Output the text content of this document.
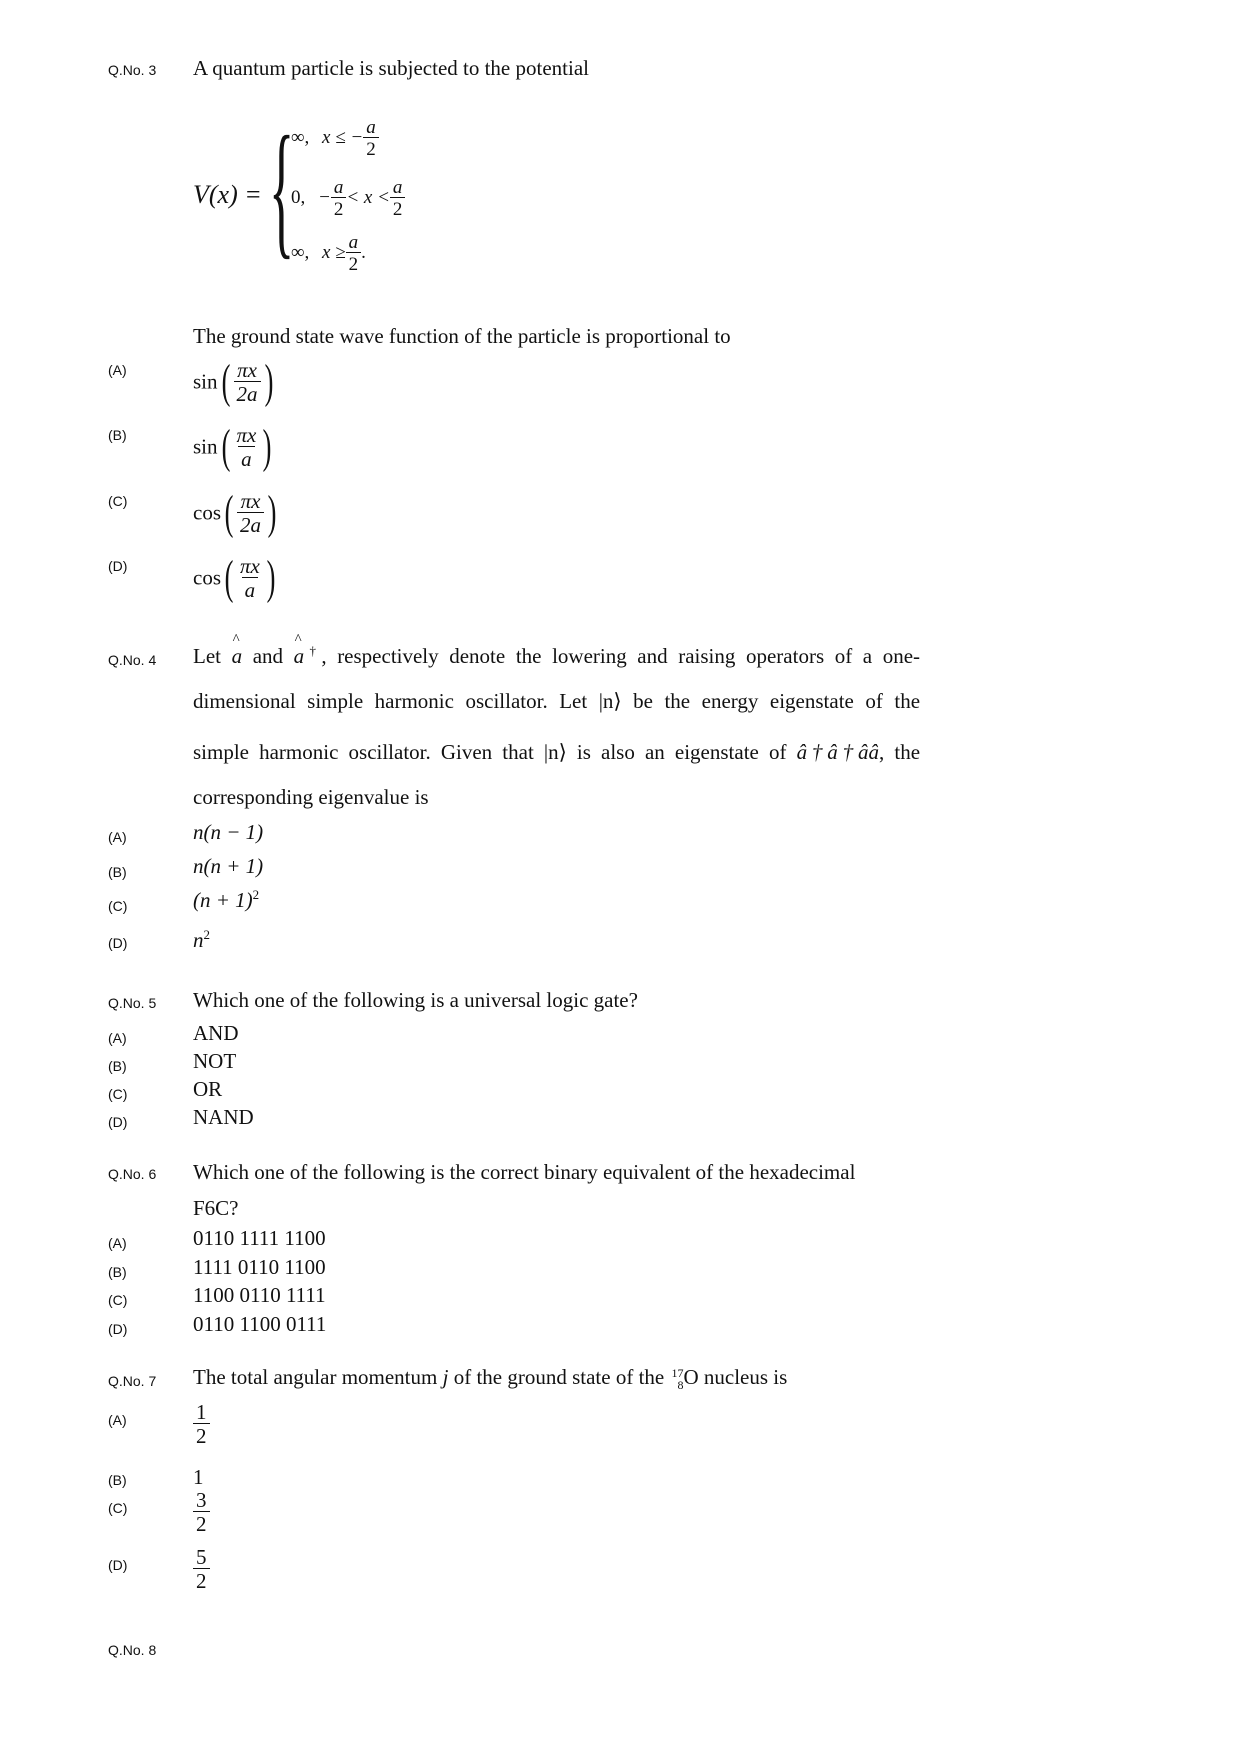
Q.No. 3 A quantum particle is subjected to the potential
V(x) = {
∞, x ≤ − $\frac{a}{2}$
0, − $\frac{a}{2} < x < \frac{a}{2}$
∞, $x \ge \frac{a}{2}$ .
The ground state wave function of the particle is proportional to
(A)	$\sin( \frac{\pi x}{2a}$ )
(B)	$\sin( \frac{\pi x}{a}$ )
(C)	$\cos( \frac{\pi x}{2a}$ )
(D)	$\cos( \frac{\pi x}{a}$ )
Q.No. 4 Let a ^ and a ^†, respectively denote the lowering and raising operators of a one-
dimensional simple harmonic oscillator. Let |n⟩ be the energy eigenstate of the
simple harmonic oscillator. Given that |n⟩ is also an eigenstate of â†â†ââ, the
corresponding eigenvalue is
(A)	n(n − 1)
(B)	n(n + 1)
(C)	$(n + 1)^2$
(D)	$n^2$
Q.No. 5 Which one of the following is a universal logic gate?
(A)	AND
(B)	NOT
(C)	OR
(D)	NAND
Q.No. 6 Which one of the following is the correct binary equivalent of the hexadecimal
F6C?
(A)	0110 1111 1100
(B)	1111 0110 1100
(C)	1100 0110 1111
(D)	0110 1100 0111
Q.No. 7 The total angular momentum j of the ground state of the 17
8 O nucleus is
(A)	$\frac{1}{2}$
(B)	1
(C)	$\frac{3}{2}$
(D)	$\frac{5}{2}$
Q.No. 8
